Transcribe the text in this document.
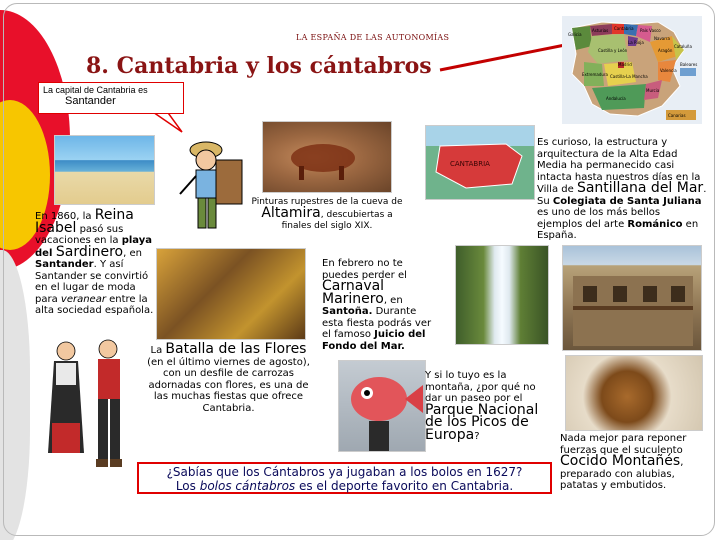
LA ESPAÑA DE LAS AUTONOMÍAS
8. Cantabria y los cántabros
La capital de Cantabria es
Santander
Galicia
Asturias Cantabria País Vasco
Navarra
Castilla y León
La Rioja
Aragón
Cataluña
Extremadura Castilla-La Mancha
Madrid
Valencia
Andalucía
Murcia
Baleares
Canarias
CANTABRIA
En 1860, la Reina Isabel pasó sus vacaciones en la playa del Sardinero, en Santander. Y así Santander se convirtió en el lugar de moda para veranear entre la alta sociedad española.
Pinturas rupestres de la cueva de
Altamira, descubiertas a finales del siglo XIX.
Es curioso, la estructura y arquitectura de la Alta Edad Media ha permanecido casi intacta hasta nuestros días en la Villa de Santillana del Mar. Su Colegiata de Santa Juliana es uno de los más bellos ejemplos del arte Románico en España.
En febrero no te puedes perder el Carnaval Marinero, en Santoña. Durante esta fiesta podrás ver el famoso Juicio del Fondo del Mar.
La Batalla de las Flores
(en el último viernes de agosto), con un desfile de carrozas adornadas con flores, es una de las muchas fiestas que ofrece Cantabria.
Y si lo tuyo es la montaña, ¿por qué no dar un paseo por el Parque Nacional de los Picos de Europa?	Nada mejor para reponer fuerzas que el suculento Cocido Montañés, preparado con alubias, patatas y embutidos.
¿Sabías que los Cántabros ya jugaban a los bolos en 1627?
Los bolos cántabros es el deporte favorito en Cantabria.
